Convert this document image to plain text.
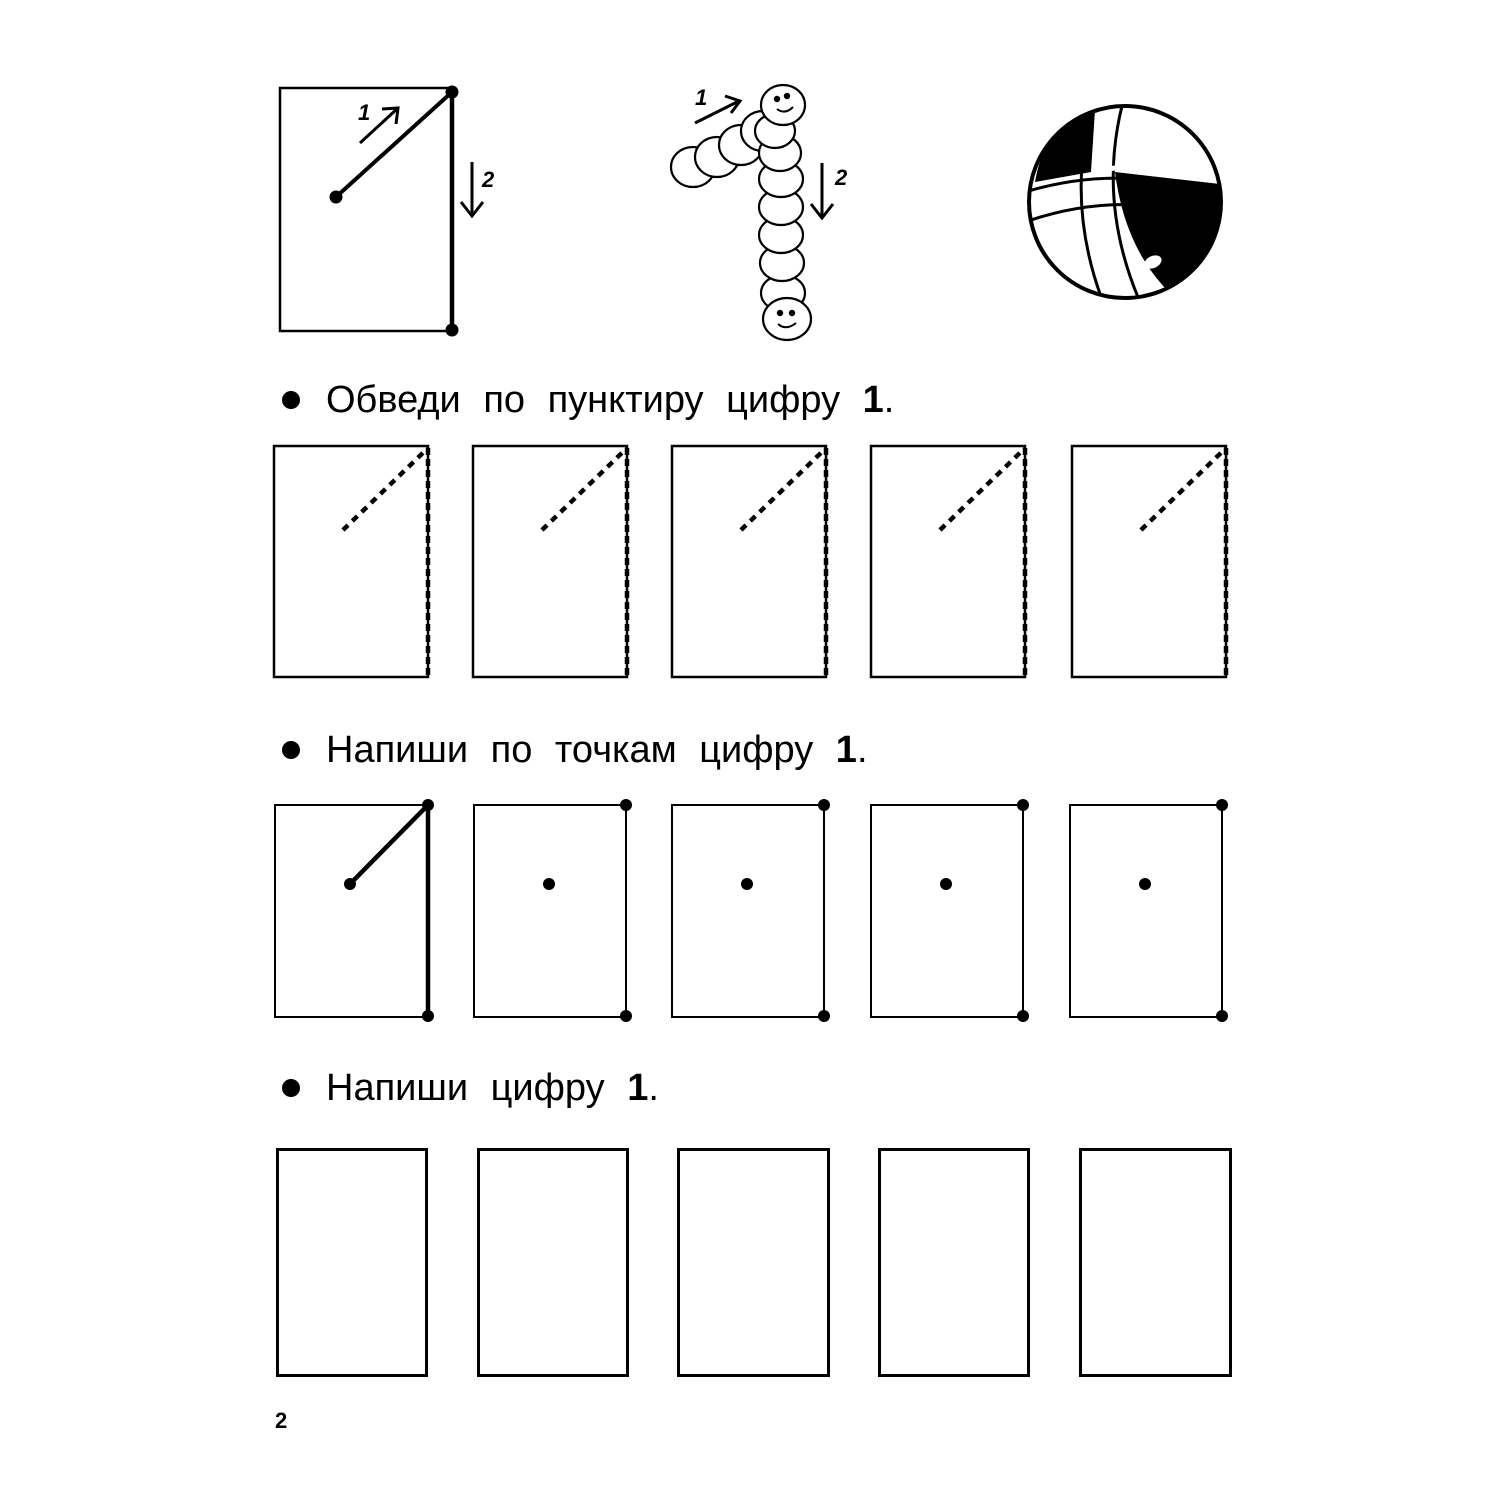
1
2
1
2
Обведи по пунктиру цифру
1 .
Напиши по точкам цифру
1 .
Напиши цифру
1 .
2
